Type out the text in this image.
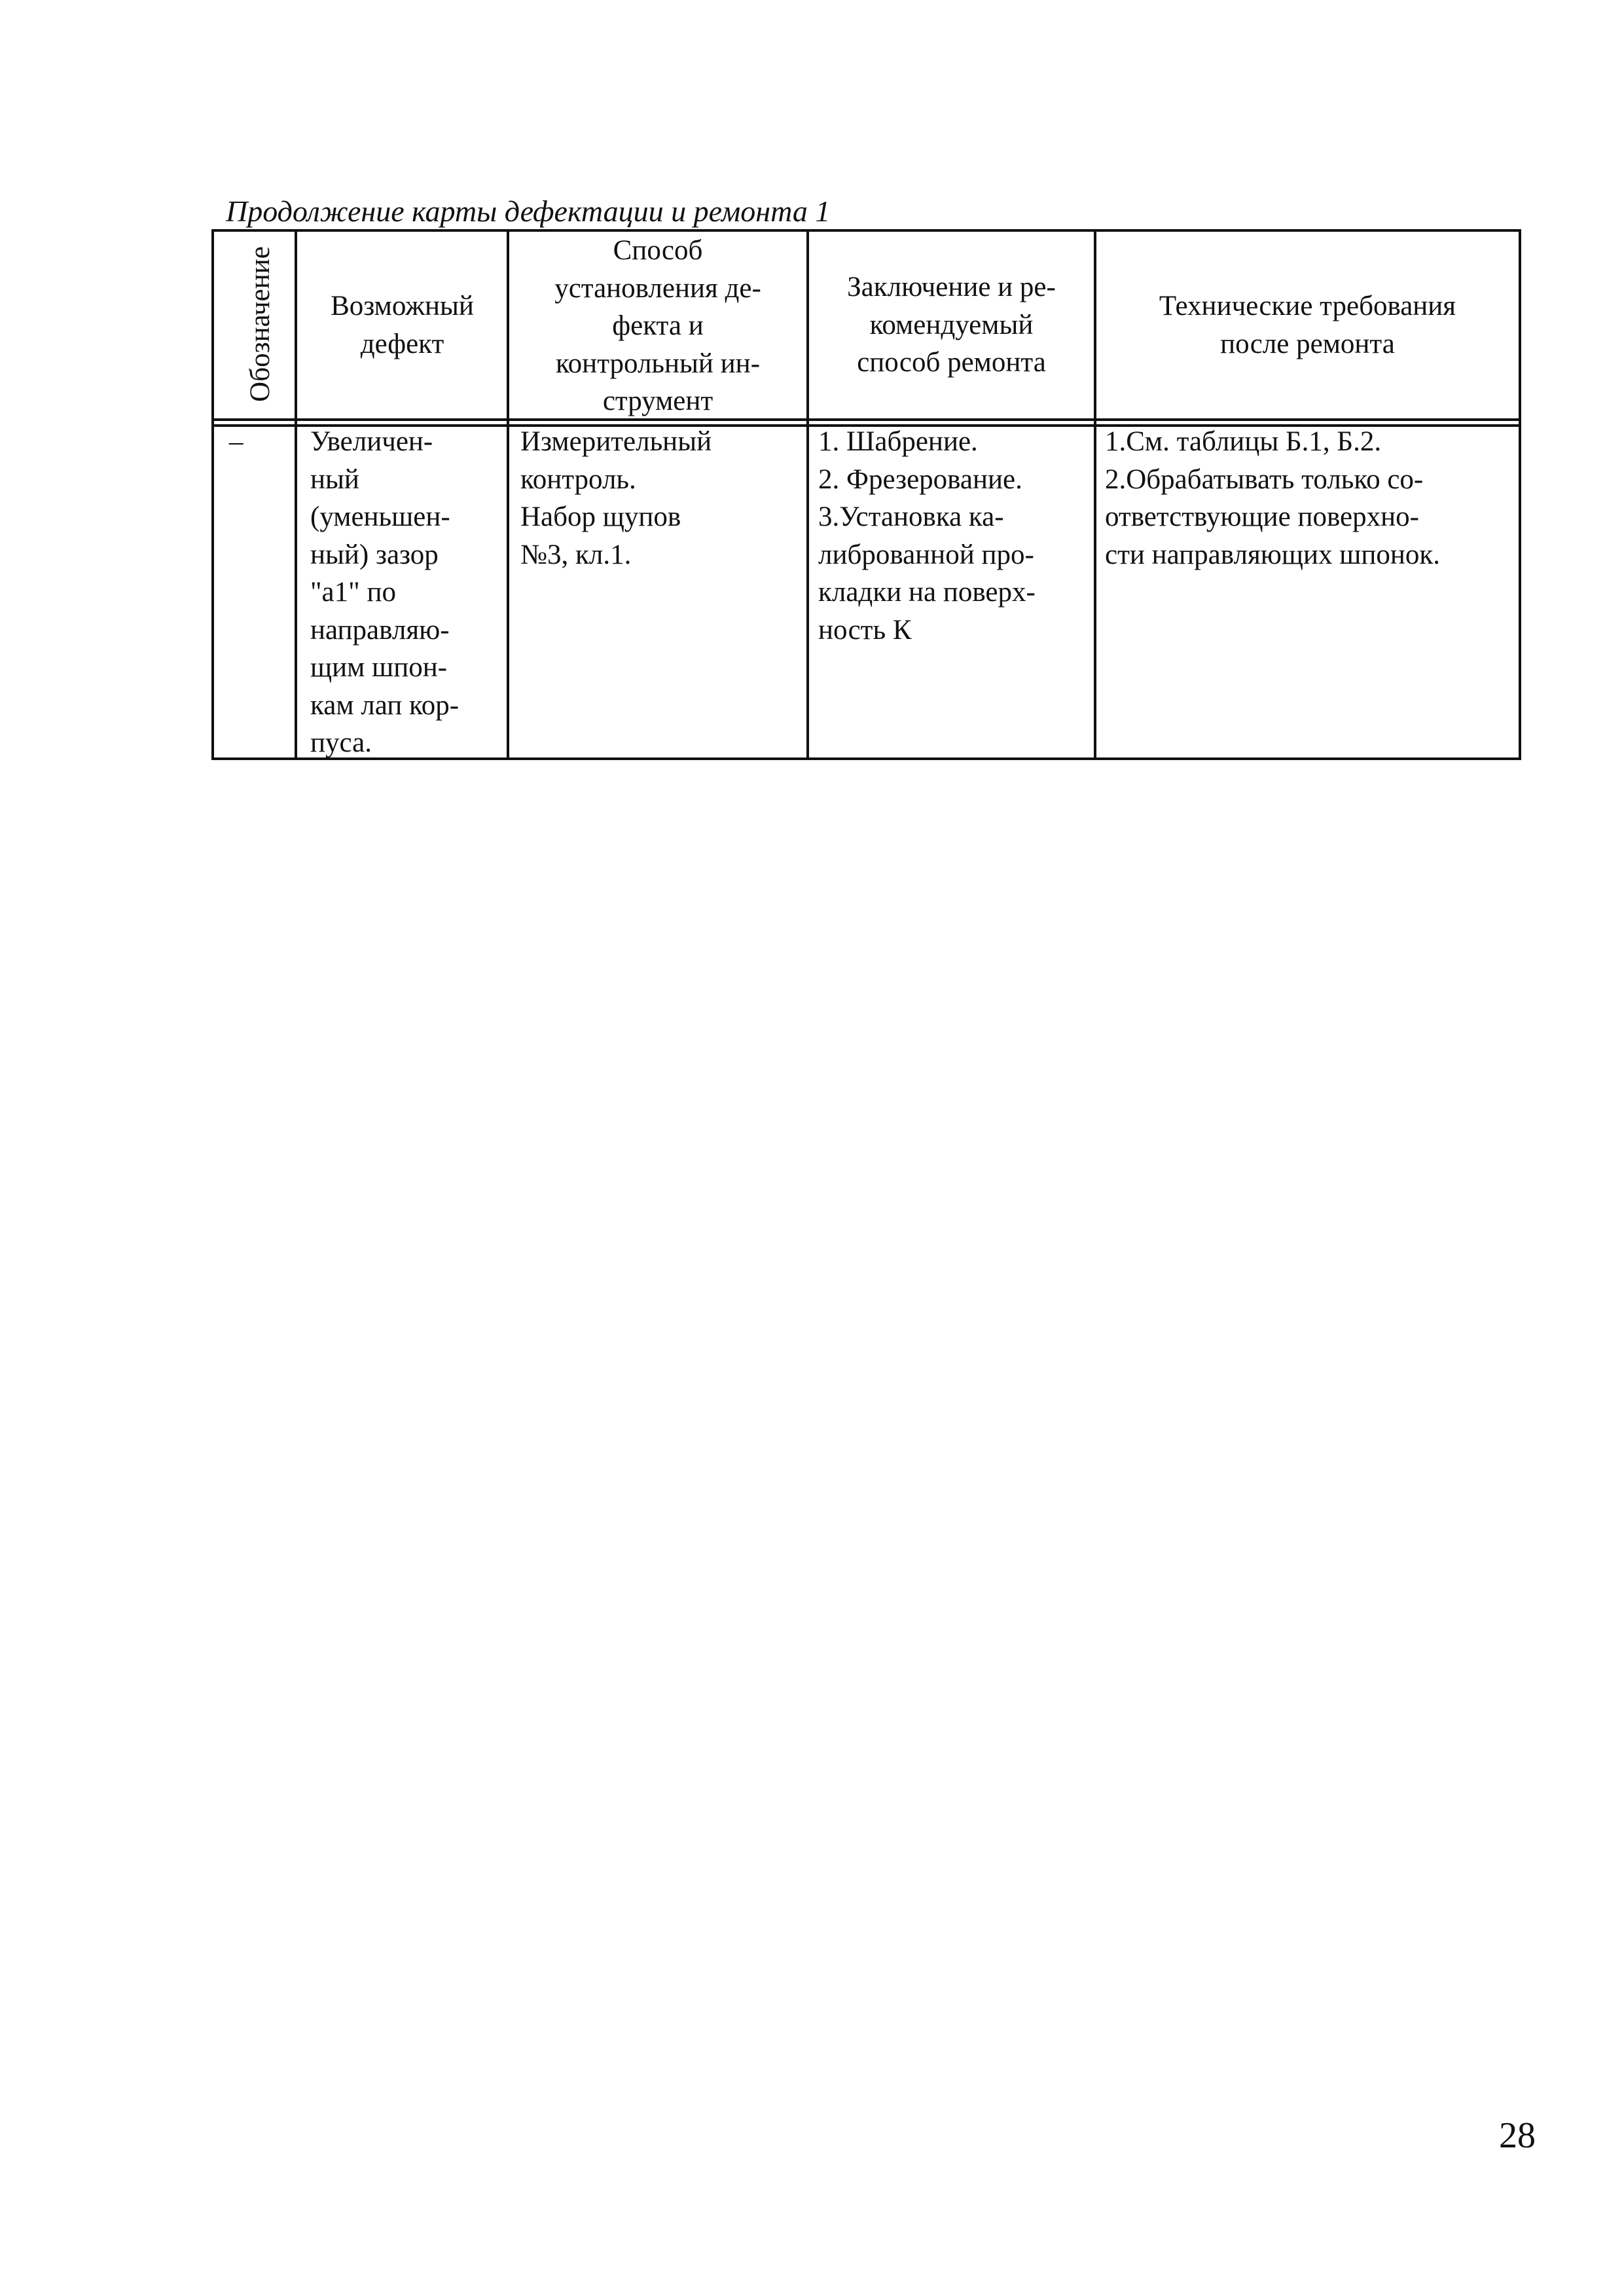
Продолжение карты дефектации и ремонта 1
Обозначение	Возможный
дефект
Способ
установления де-
фекта и
контрольный ин-
струмент
Заключение и ре-
комендуемый
способ ремонта
Технические требования
после ремонта
–	Увеличен-
ный
(уменьшен-
ный) зазор
"а1" по
направляю-
щим шпон-
кам лап кор-
пуса.
Измерительный
контроль.
Набор щупов
№3, кл.1.
1. Шабрение.
2. Фрезерование.
3.Установка ка-
либрованной про-
кладки на поверх-
ность К
1.См. таблицы Б.1, Б.2.
2.Обрабатывать только со-
ответствующие поверхно-
сти направляющих шпонок.
28
